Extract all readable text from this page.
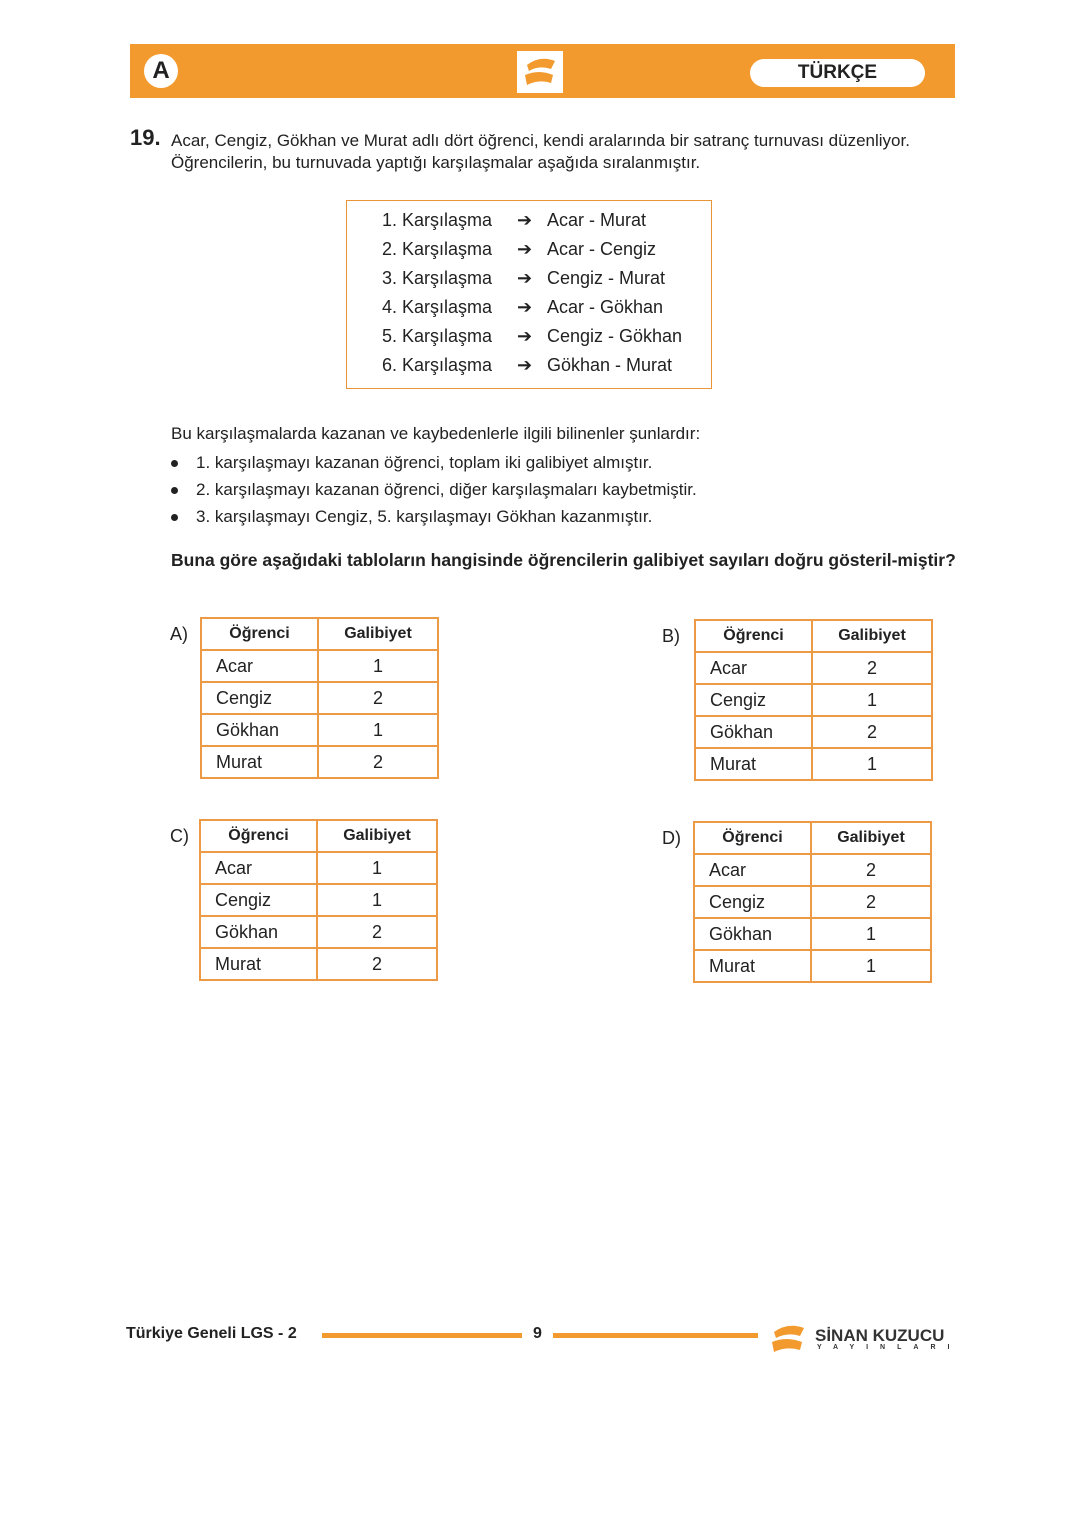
A	TÜRKÇE
19. Acar, Cengiz, Gökhan ve Murat adlı dört öğrenci, kendi aralarında bir satranç turnuvası düzenliyor. Öğrencilerin, bu turnuvada yaptığı karşılaşmalar aşağıda sıralanmıştır.
1. Karşılaşma	➔ Acar - Murat
2. Karşılaşma	➔ Acar - Cengiz
3. Karşılaşma	➔ Cengiz - Murat
4. Karşılaşma	➔ Acar - Gökhan
5. Karşılaşma	➔ Cengiz - Gökhan
6. Karşılaşma	➔ Gökhan - Murat
Bu karşılaşmalarda kazanan ve kaybedenlerle ilgili bilinenler şunlardır:
1. karşılaşmayı kazanan öğrenci, toplam iki galibiyet almıştır.
2. karşılaşmayı kazanan öğrenci, diğer karşılaşmaları kaybetmiştir.
3. karşılaşmayı Cengiz, 5. karşılaşmayı Gökhan kazanmıştır.
Buna göre aşağıdaki tabloların hangisinde öğrencilerin galibiyet sayıları doğru gösteril-miştir?
A)	Öğrenci	Galibiyet
Acar	1
Cengiz	2
Gökhan	1
Murat	2
B)	Öğrenci	Galibiyet
Acar	2
Cengiz	1
Gökhan	2
Murat	1
C) Öğrenci	Galibiyet
Acar	1
Cengiz	1
Gökhan	2
Murat	2
D)	Öğrenci	Galibiyet
Acar	2
Cengiz	2
Gökhan	1
Murat	1
Türkiye Geneli LGS - 2	9	SİNAN KUZUCU
YAYINLARI
